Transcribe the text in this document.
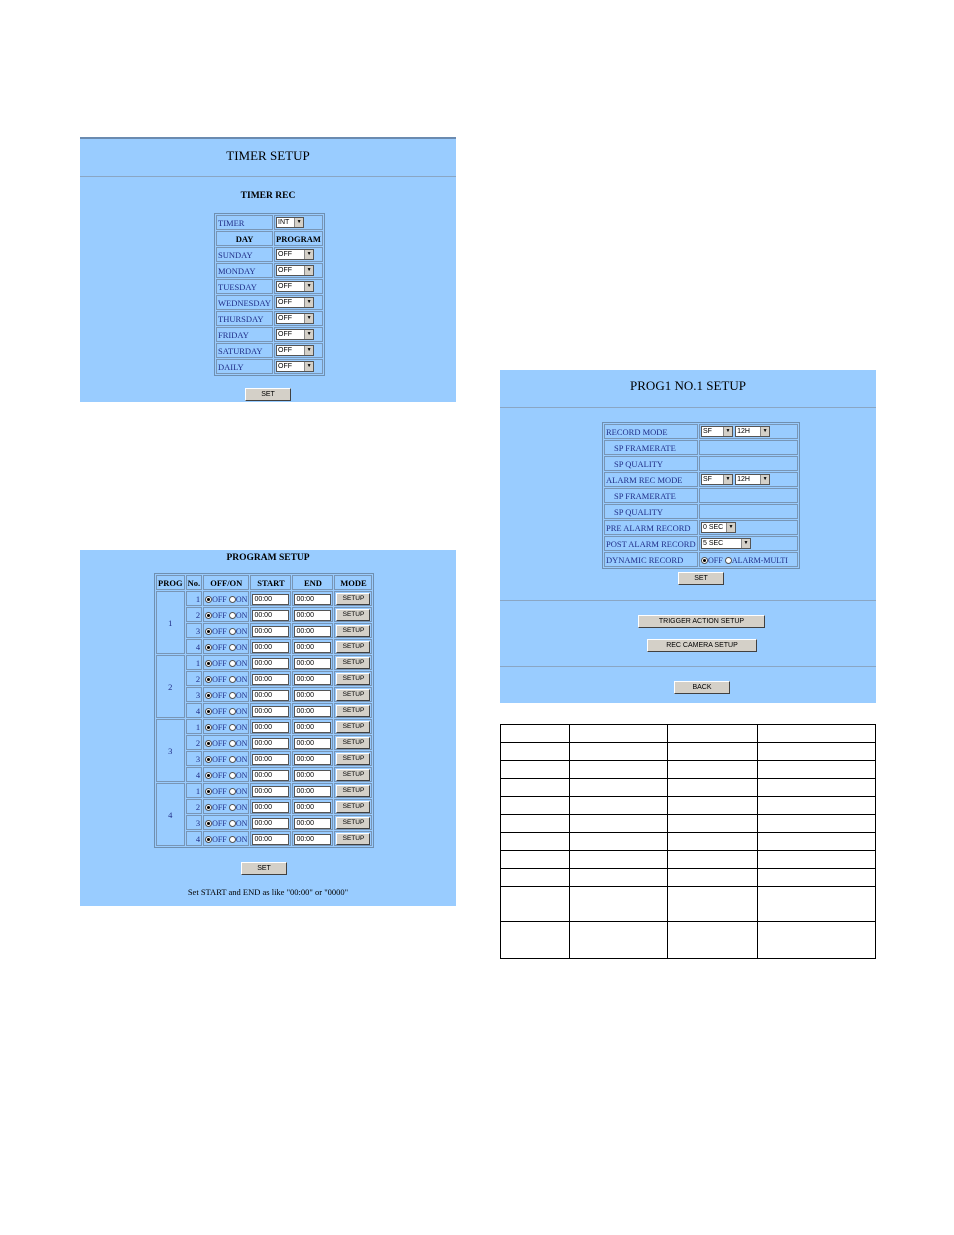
TIMER SETUP
TIMER REC
TIMER	INT ▼

DAY	PROGRAM
SUNDAY	OFF ▼

MONDAY	OFF ▼

TUESDAY	OFF ▼

WEDNESDAY	OFF ▼

THURSDAY	OFF ▼

FRIDAY	OFF ▼

SATURDAY	OFF ▼

DAILY	OFF ▼
SET
PROGRAM SETUP
PROG	No.	OFF/ON	START	END	MODE
1	1	OFF ON	00:00	00:00	SETUP
	2	OFF ON	00:00	00:00	SETUP
	3	OFF ON	00:00	00:00	SETUP
	4	OFF ON	00:00	00:00	SETUP
2	1	OFF ON	00:00	00:00	SETUP
	2	OFF ON	00:00	00:00	SETUP
	3	OFF ON	00:00	00:00	SETUP
	4	OFF ON	00:00	00:00	SETUP
3	1	OFF ON	00:00	00:00	SETUP
	2	OFF ON	00:00	00:00	SETUP
	3	OFF ON	00:00	00:00	SETUP
	4	OFF ON	00:00	00:00	SETUP
4	1	OFF ON	00:00	00:00	SETUP
	2	OFF ON	00:00	00:00	SETUP
	3	OFF ON	00:00	00:00	SETUP
	4	OFF ON	00:00	00:00	SETUP
SET
Set START and END as like "00:00" or "0000"
PROG1 NO.1 SETUP
RECORD MODE	SF ▼ 12H ▼

SP FRAMERATE	
SP QUALITY	
ALARM REC MODE	SF ▼ 12H ▼

SP FRAMERATE	
SP QUALITY	
PRE ALARM RECORD	0 SEC ▼

POST ALARM RECORD	5 SEC ▼

DYNAMIC RECORD	OFF ALARM-MULTI
SET
TRIGGER ACTION SETUP
REC CAMERA SETUP
BACK
